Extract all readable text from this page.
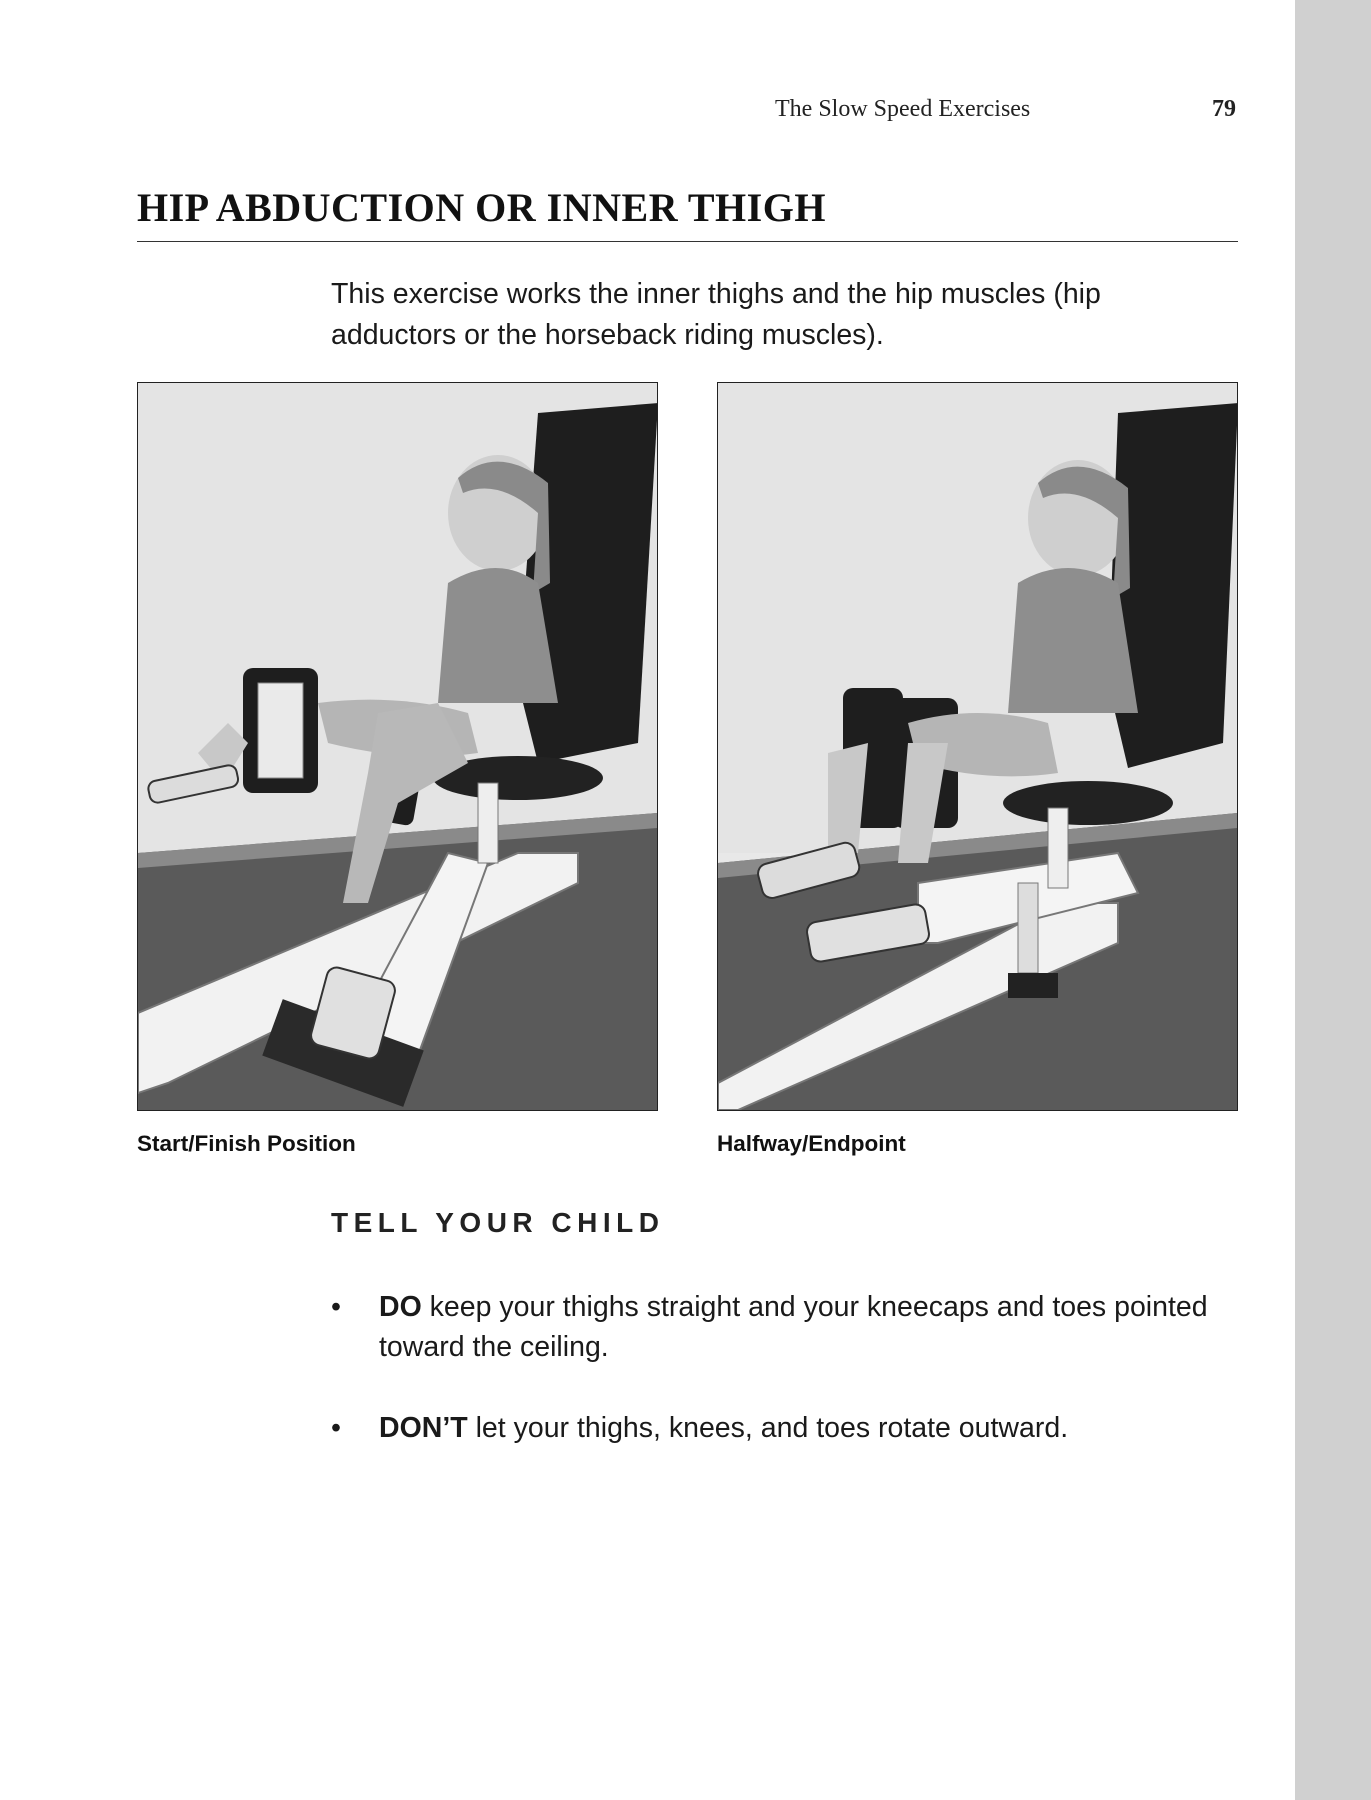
The Slow Speed Exercises	79
HIP ABDUCTION OR INNER THIGH

This exercise works the inner thighs and the hip muscles (hip adductors or the horseback riding muscles).

Start/Finish Position	Halfway/Endpoint
TELL YOUR CHILD
• DO keep your thighs straight and your kneecaps and toes pointed toward the ceiling.
• DON’T let your thighs, knees, and toes rotate outward.
